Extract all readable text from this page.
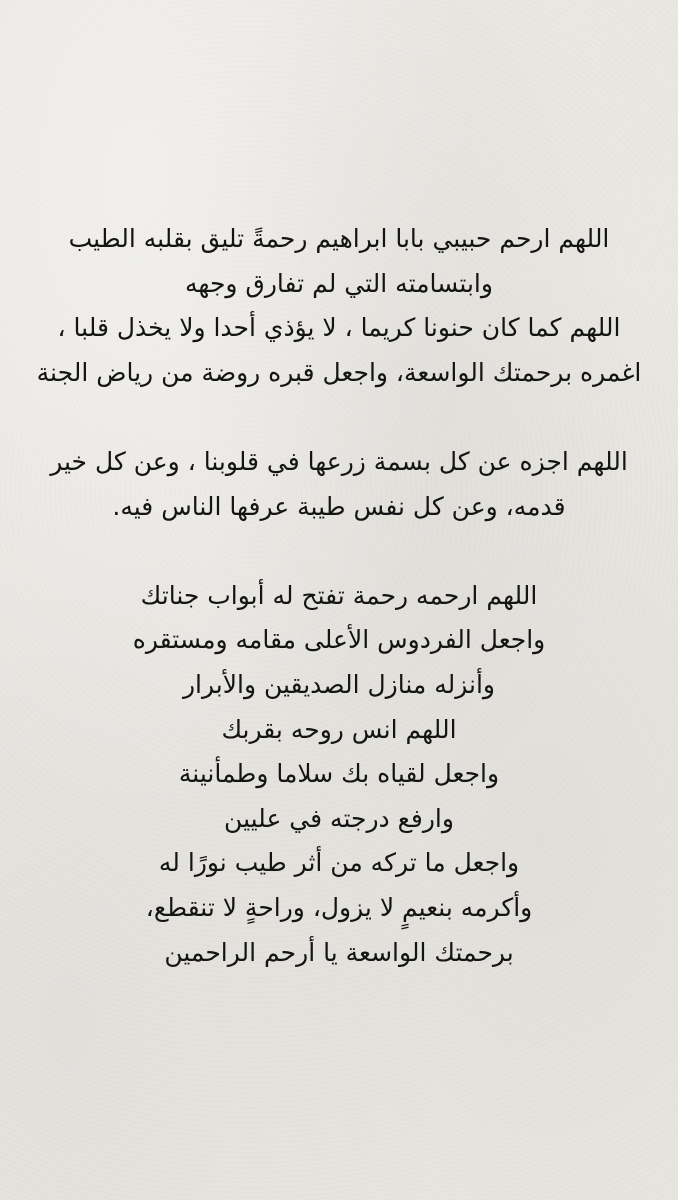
اللهم ارحم حبيبي بابا ابراهيم رحمةً تليق بقلبه الطيب
وابتسامته التي لم تفارق وجهه
اللهم كما كان حنونا كريما ، لا يؤذي أحدا ولا يخذل قلبا ،
اغمره برحمتك الواسعة، واجعل قبره روضة من رياض الجنة
اللهم اجزه عن كل بسمة زرعها في قلوبنا ، وعن كل خير
قدمه، وعن كل نفس طيبة عرفها الناس فيه.
اللهم ارحمه رحمة تفتح له أبواب جناتك
واجعل الفردوس الأعلى مقامه ومستقره
وأنزله منازل الصديقين والأبرار
اللهم انس روحه بقربك
واجعل لقياه بك سلاما وطمأنينة
وارفع درجته في عليين
واجعل ما تركه من أثر طيب نورًا له
وأكرمه بنعيمٍ لا يزول، وراحةٍ لا تنقطع،
برحمتك الواسعة يا أرحم الراحمين
